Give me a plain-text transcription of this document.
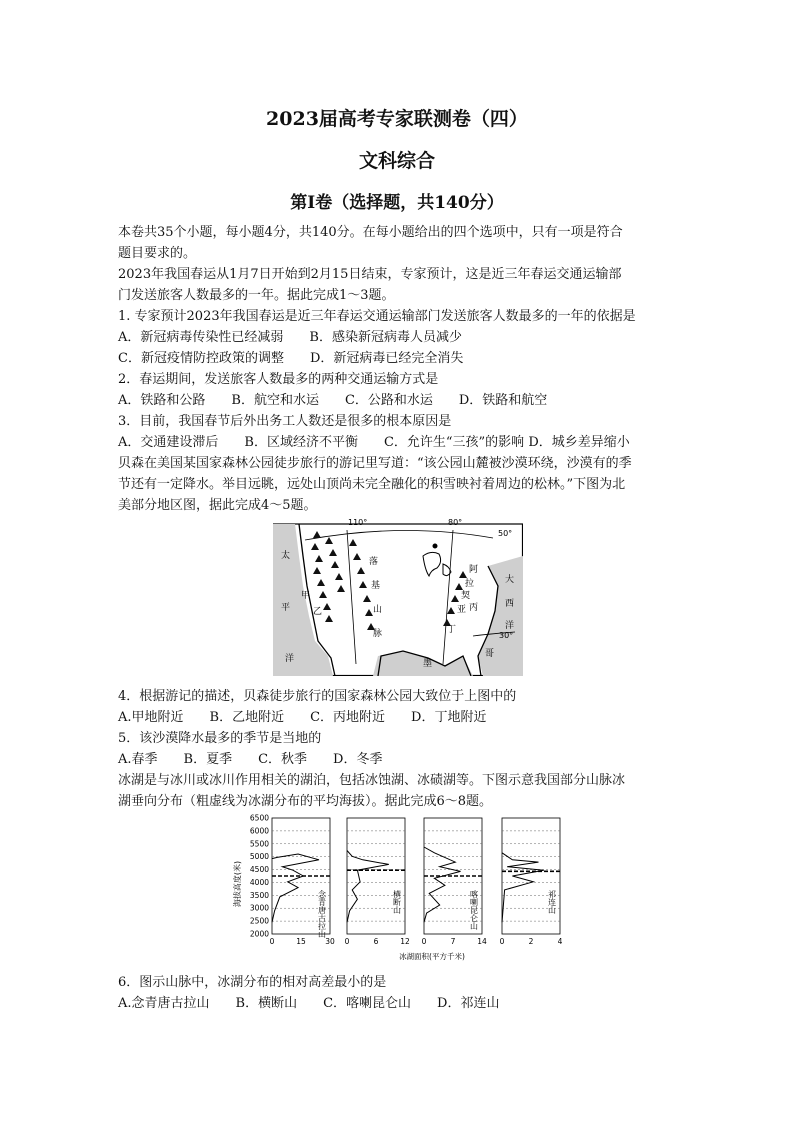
2023届高考专家联测卷（四）
文科综合
第Ⅰ卷（选择题，共140分）

本卷共35个小题，每小题4分，共140分。在每小题给出的四个选项中，只有一项是符合

题目要求的。

2023年我国春运从1月7日开始到2月15日结束，专家预计，这是近三年春运交通运输部

门发送旅客人数最多的一年。据此完成1～3题。

1. 专家预计2023年我国春运是近三年春运交通运输部门发送旅客人数最多的一年的依据是

A．新冠病毒传染性已经减弱　　B．感染新冠病毒人员减少

C．新冠疫情防控政策的调整　　D．新冠病毒已经完全消失

2．春运期间，发送旅客人数最多的两种交通运输方式是

A．铁路和公路　　B．航空和水运　　C．公路和水运　　D．铁路和航空

3．目前，我国春节后外出务工人数还是很多的根本原因是

A．交通建设滞后　　B．区域经济不平衡　　C．允许生“三孩”的影响 D．城乡差异缩小

贝森在美国某国家森林公园徒步旅行的游记里写道：“该公园山麓被沙漠环绕，沙漠有的季

节还有一定降水。举目远眺，远处山顶尚未完全融化的积雪映衬着周边的松林。”下图为北

美部分地区图，据此完成4～5题。

4．根据游记的描述，贝森徒步旅行的国家森林公园大致位于上图中的

A.甲地附近　　B．乙地附近　　C．丙地附近　　D．丁地附近

5．该沙漠降水最多的季节是当地的

A.春季　　B．夏季　　C．秋季　　D．冬季

冰湖是与冰川或冰川作用相关的湖泊，包括冰蚀湖、冰碛湖等。下图示意我国部分山脉冰

湖垂向分布（粗虚线为冰湖分布的平均海拔）。据此完成6～8题。

6．图示山脉中，冰湖分布的相对高差最小的是

A.念青唐古拉山　　B．横断山　　C．喀喇昆仑山　　D．祁连山

110°	80°
50°
30°
太
平
洋
甲
乙
落
基
山
脉
丙
丁
阿
拉
契
亚
大
西
洋
墨
哥
海拔高度(米)
冰湖面积(平方千米)
6500
6000
5500
5000
4500
4000
3500
3000
2500
2000	念青唐古拉山
0	15	30
横断山
0	6	12
喀喇昆仑山
0	7	14
祁连山
0	2	4
